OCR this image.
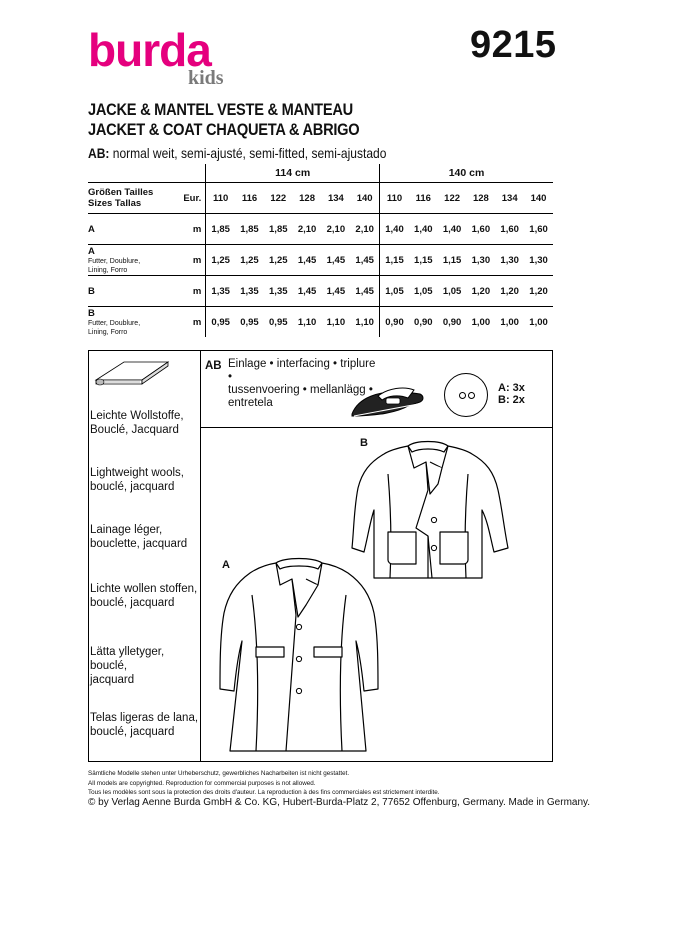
burda
kids
9215
JACKE & MANTEL VESTE & MANTEAU
JACKET & COAT CHAQUETA & ABRIGO
AB: normal weit, semi-ajusté, semi-fitted, semi-ajustado
		114 cm						140 cm					

Größen Tailles
Sizes Tallas	Eur.	110	116	122	128	134	140	110	116	122	128	134	140

A	m	1,85	1,85	1,85	2,10	2,10	2,10	1,40	1,40	1,40	1,60	1,60	1,60

A
Futter, Doublure,
Lining, Forro	m	1,25	1,25	1,25	1,45	1,45	1,45	1,15	1,15	1,15	1,30	1,30	1,30

B	m	1,35	1,35	1,35	1,45	1,45	1,45	1,05	1,05	1,05	1,20	1,20	1,20

B
Futter, Doublure,
Lining, Forro	m	0,95	0,95	0,95	1,10	1,10	1,10	0,90	0,90	0,90	1,00	1,00	1,00
Leichte Wollstoffe,
Bouclé, Jacquard
Lightweight wools,
bouclé, jacquard
Lainage léger,
bouclette, jacquard
Lichte wollen stoffen,
bouclé, jacquard
Lätta ylletyger, bouclé,
jacquard
Telas ligeras de lana,
bouclé, jacquard
AB Einlage • interfacing • triplure •
tussenvoering • mellanlägg •
entretela
A: 3x
B: 2x
B
A
Sämtliche Modelle stehen unter Urheberschutz, gewerbliches Nacharbeiten ist nicht gestattet.
All models are copyrighted. Reproduction for commercial purposes is not allowed.
Tous les modèles sont sous la protection des droits d'auteur. La reproduction à des fins commerciales est strictement interdite.
© by Verlag Aenne Burda GmbH & Co. KG, Hubert-Burda-Platz 2, 77652 Offenburg, Germany. Made in Germany.
